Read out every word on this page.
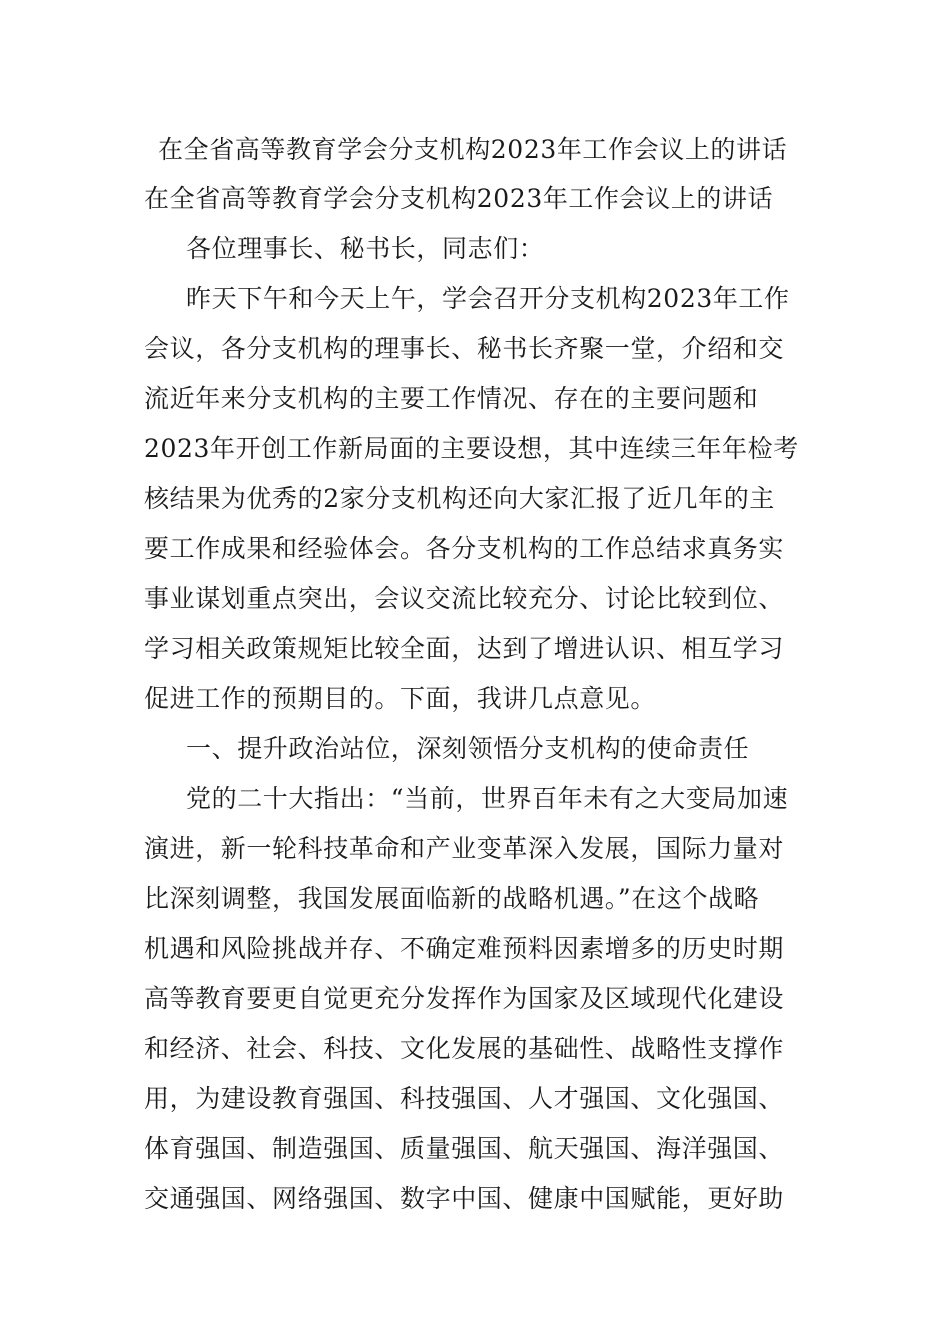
在全省高等教育学会分支机构2023年工作会议上的讲话
在全省高等教育学会分支机构2023年工作会议上的讲话
各位理事长、秘书长，同志们：
昨天下午和今天上午，学会召开分支机构2023年工作
会议，各分支机构的理事长、秘书长齐聚一堂，介绍和交
流近年来分支机构的主要工作情况、存在的主要问题和
2023年开创工作新局面的主要设想，其中连续三年年检考
核结果为优秀的2家分支机构还向大家汇报了近几年的主
要工作成果和经验体会。各分支机构的工作总结求真务实
事业谋划重点突出，会议交流比较充分、讨论比较到位、
学习相关政策规矩比较全面，达到了增进认识、相互学习
促进工作的预期目的。下面，我讲几点意见。
一、提升政治站位，深刻领悟分支机构的使命责任
党的二十大指出：“当前，世界百年未有之大变局加速
演进，新一轮科技革命和产业变革深入发展，国际力量对
比深刻调整，我国发展面临新的战略机遇。”在这个战略
机遇和风险挑战并存、不确定难预料因素增多的历史时期
高等教育要更自觉更充分发挥作为国家及区域现代化建设
和经济、社会、科技、文化发展的基础性、战略性支撑作
用，为建设教育强国、科技强国、人才强国、文化强国、
体育强国、制造强国、质量强国、航天强国、海洋强国、
交通强国、网络强国、数字中国、健康中国赋能，更好助
